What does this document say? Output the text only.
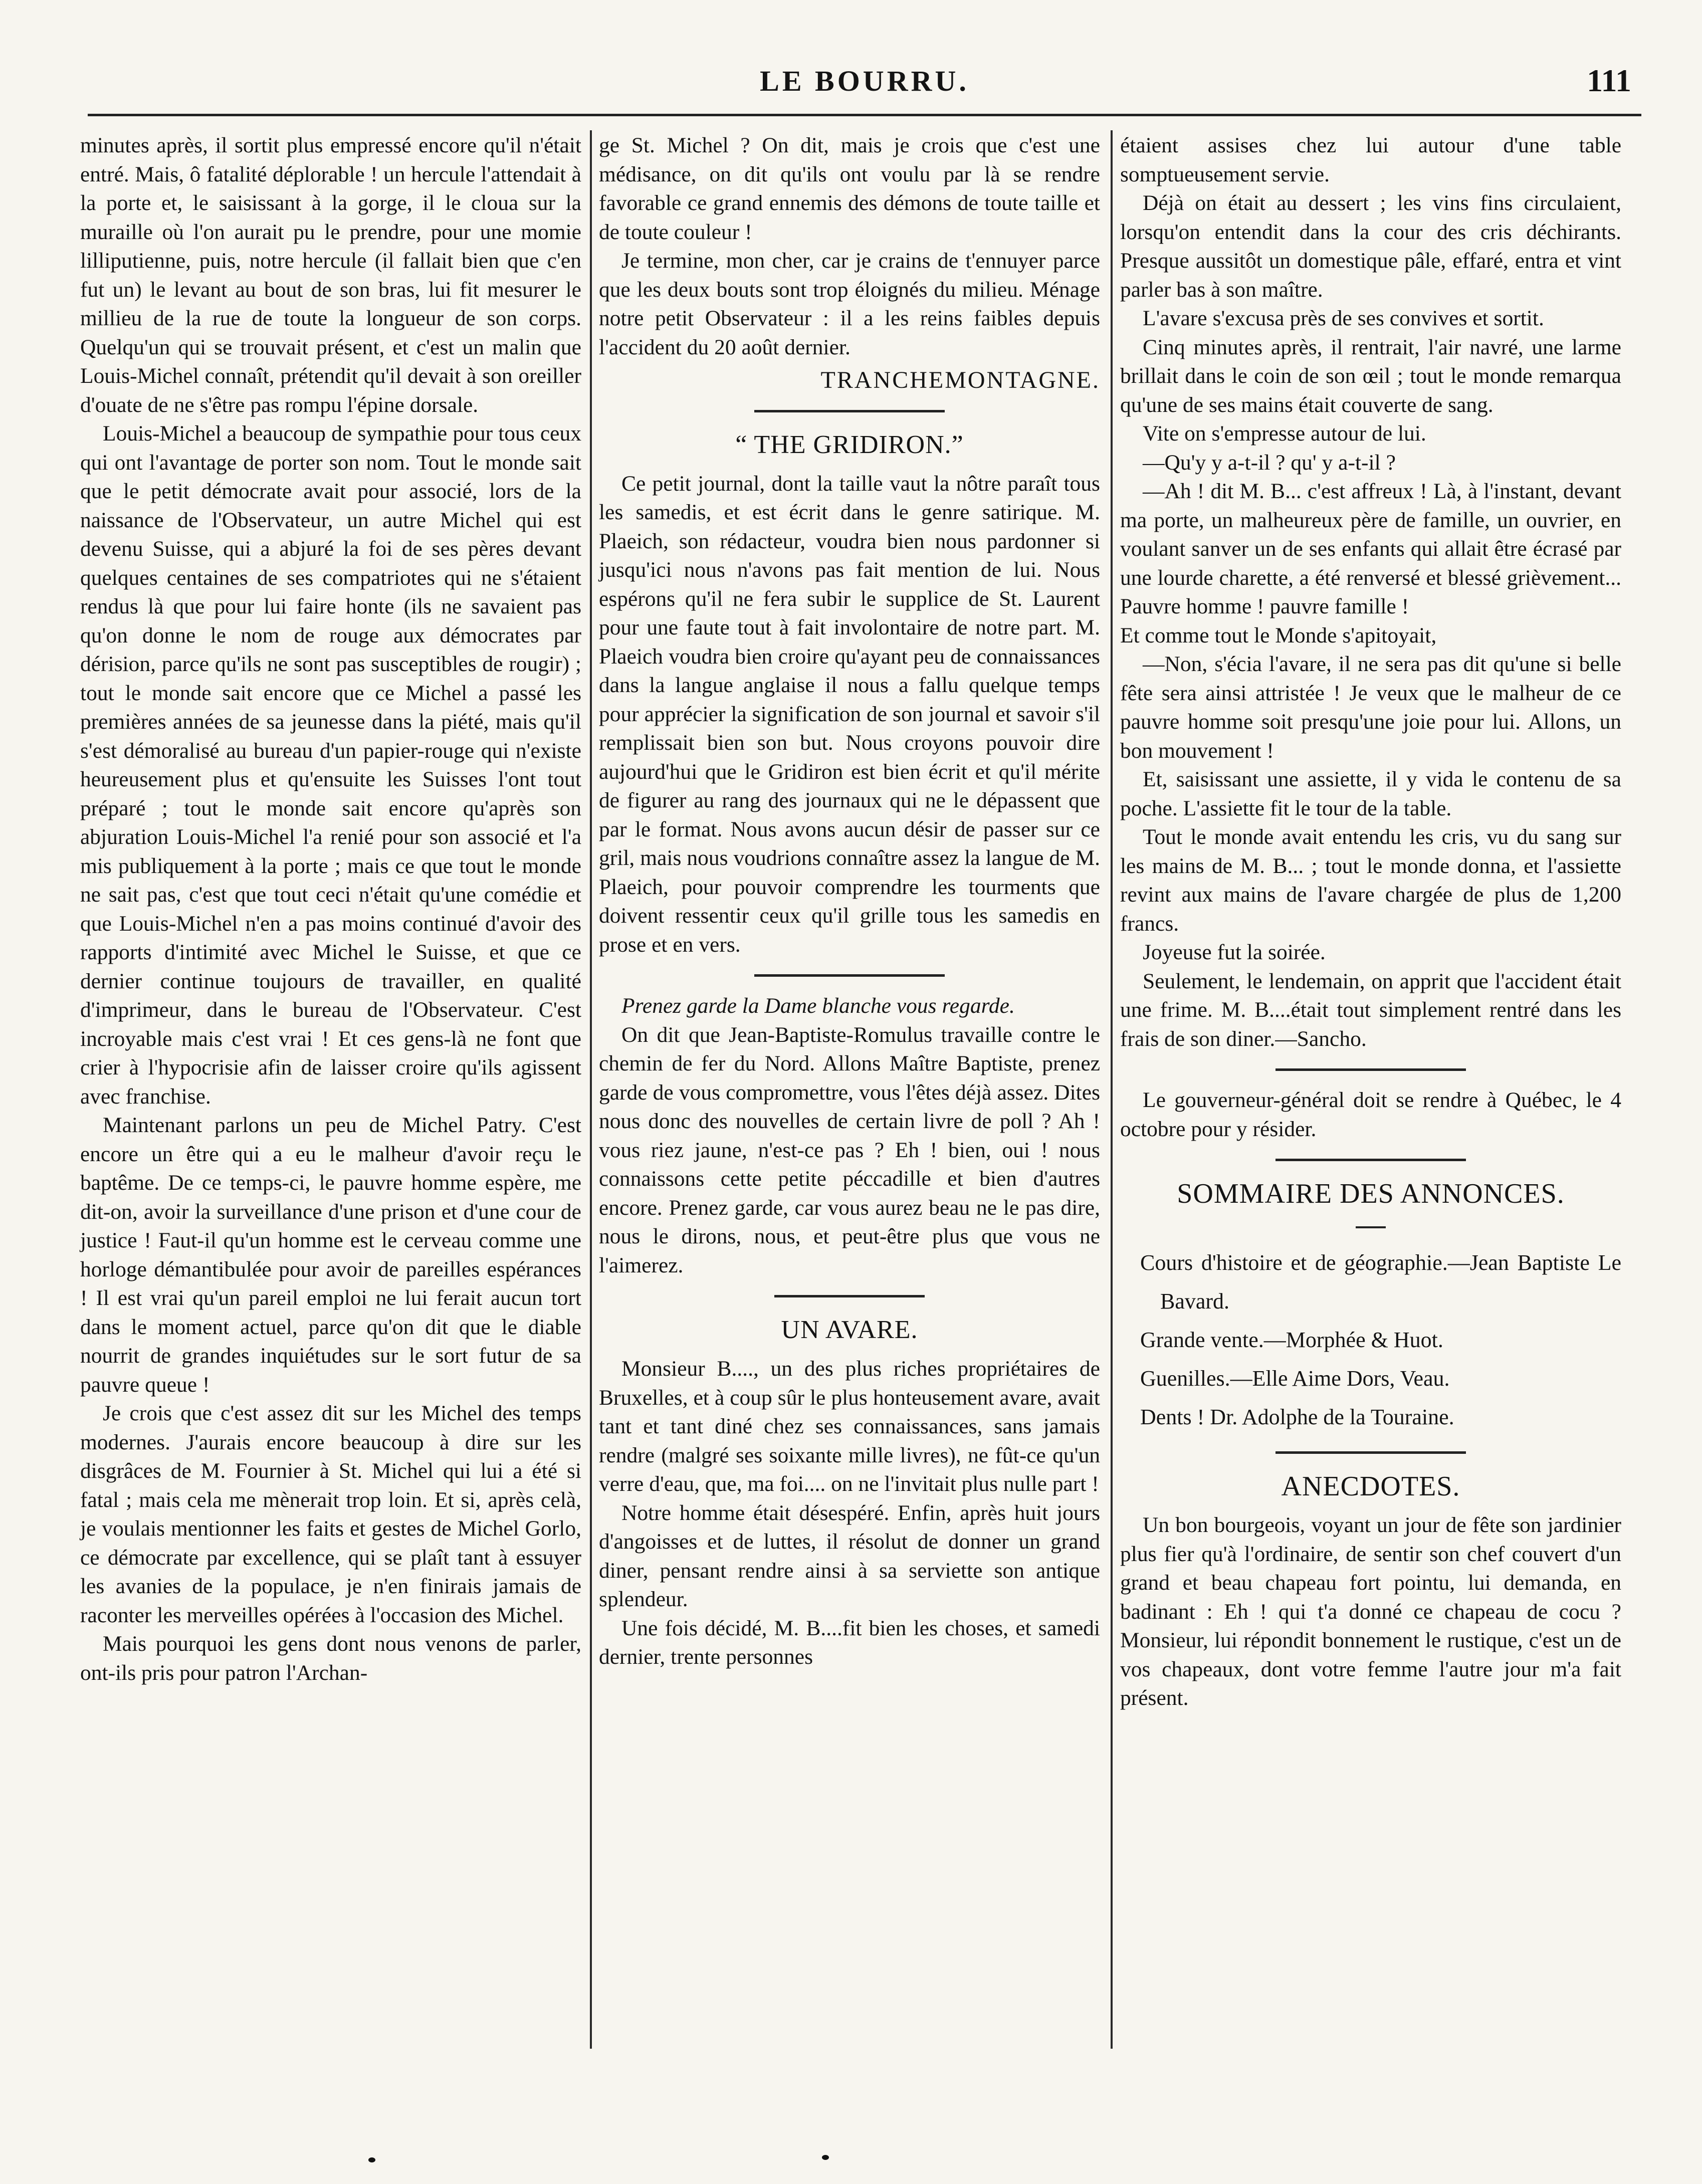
LE BOURRU.	111

minutes après, il sortit plus empressé encore qu'il n'était entré. Mais, ô fatalité déplorable ! un hercule l'attendait à la porte et, le saisissant à la gorge, il le cloua sur la muraille où l'on aurait pu le prendre, pour une momie lilliputienne, puis, notre hercule (il fallait bien que c'en fut un) le levant au bout de son bras, lui fit mesurer le millieu de la rue de toute la longueur de son corps. Quelqu'un qui se trouvait présent, et c'est un malin que Louis-Michel connaît, prétendit qu'il devait à son oreiller d'ouate de ne s'être pas rompu l'épine dorsale.

Louis-Michel a beaucoup de sympathie pour tous ceux qui ont l'avantage de porter son nom. Tout le monde sait que le petit démocrate avait pour associé, lors de la naissance de l'Observateur, un autre Michel qui est devenu Suisse, qui a abjuré la foi de ses pères devant quelques centaines de ses compatriotes qui ne s'étaient rendus là que pour lui faire honte (ils ne savaient pas qu'on donne le nom de rouge aux démocrates par dérision, parce qu'ils ne sont pas susceptibles de rougir) ; tout le monde sait encore que ce Michel a passé les premières années de sa jeunesse dans la piété, mais qu'il s'est démoralisé au bureau d'un papier-rouge qui n'existe heureusement plus et qu'ensuite les Suisses l'ont tout préparé ; tout le monde sait encore qu'après son abjuration Louis-Michel l'a renié pour son associé et l'a mis publiquement à la porte ; mais ce que tout le monde ne sait pas, c'est que tout ceci n'était qu'une comédie et que Louis-Michel n'en a pas moins continué d'avoir des rapports d'intimité avec Michel le Suisse, et que ce dernier continue toujours de travailler, en qualité d'imprimeur, dans le bureau de l'Observateur. C'est incroyable mais c'est vrai ! Et ces gens-là ne font que crier à l'hypocrisie afin de laisser croire qu'ils agissent avec franchise.

Maintenant parlons un peu de Michel Patry. C'est encore un être qui a eu le malheur d'avoir reçu le baptême. De ce temps-ci, le pauvre homme espère, me dit-on, avoir la surveillance d'une prison et d'une cour de justice ! Faut-il qu'un homme est le cerveau comme une horloge démantibulée pour avoir de pareilles espérances ! Il est vrai qu'un pareil emploi ne lui ferait aucun tort dans le moment actuel, parce qu'on dit que le diable nourrit de grandes inquiétudes sur le sort futur de sa pauvre queue !

Je crois que c'est assez dit sur les Michel des temps modernes. J'aurais encore beaucoup à dire sur les disgrâces de M. Fournier à St. Michel qui lui a été si fatal ; mais cela me mènerait trop loin. Et si, après celà, je voulais mentionner les faits et gestes de Michel Gorlo, ce démocrate par excellence, qui se plaît tant à essuyer les avanies de la populace, je n'en finirais jamais de raconter les merveilles opérées à l'occasion des Michel.

Mais pourquoi les gens dont nous venons de parler, ont-ils pris pour patron l'Archan-

ge St. Michel ? On dit, mais je crois que c'est une médisance, on dit qu'ils ont voulu par là se rendre favorable ce grand ennemis des démons de toute taille et de toute couleur !

Je termine, mon cher, car je crains de t'ennuyer parce que les deux bouts sont trop éloignés du milieu. Ménage notre petit Observateur : il a les reins faibles depuis l'accident du 20 août dernier.

TRANCHEMONTAGNE.
“ THE GRIDIRON.”

Ce petit journal, dont la taille vaut la nôtre paraît tous les samedis, et est écrit dans le genre satirique. M. Plaeich, son rédacteur, voudra bien nous pardonner si jusqu'ici nous n'avons pas fait mention de lui. Nous espérons qu'il ne fera subir le supplice de St. Laurent pour une faute tout à fait involontaire de notre part. M. Plaeich voudra bien croire qu'ayant peu de connaissances dans la langue anglaise il nous a fallu quelque temps pour apprécier la signification de son journal et savoir s'il remplissait bien son but. Nous croyons pouvoir dire aujourd'hui que le Gridiron est bien écrit et qu'il mérite de figurer au rang des journaux qui ne le dépassent que par le format. Nous avons aucun désir de passer sur ce gril, mais nous voudrions connaître assez la langue de M. Plaeich, pour pouvoir comprendre les tourments que doivent ressentir ceux qu'il grille tous les samedis en prose et en vers.

Prenez garde la Dame blanche vous regarde.

On dit que Jean-Baptiste-Romulus travaille contre le chemin de fer du Nord. Allons Maître Baptiste, prenez garde de vous compromettre, vous l'êtes déjà assez. Dites nous donc des nouvelles de certain livre de poll ? Ah ! vous riez jaune, n'est-ce pas ? Eh ! bien, oui ! nous connaissons cette petite péccadille et bien d'autres encore. Prenez garde, car vous aurez beau ne le pas dire, nous le dirons, nous, et peut-être plus que vous ne l'aimerez.

UN AVARE.

Monsieur B...., un des plus riches propriétaires de Bruxelles, et à coup sûr le plus honteusement avare, avait tant et tant diné chez ses connaissances, sans jamais rendre (malgré ses soixante mille livres), ne fût-ce qu'un verre d'eau, que, ma foi.... on ne l'invitait plus nulle part !

Notre homme était désespéré. Enfin, après huit jours d'angoisses et de luttes, il résolut de donner un grand diner, pensant rendre ainsi à sa serviette son antique splendeur.

Une fois décidé, M. B....fit bien les choses, et samedi dernier, trente personnes

étaient assises chez lui autour d'une table somptueusement servie.

Déjà on était au dessert ; les vins fins circulaient, lorsqu'on entendit dans la cour des cris déchirants. Presque aussitôt un domestique pâle, effaré, entra et vint parler bas à son maître.

L'avare s'excusa près de ses convives et sortit.

Cinq minutes après, il rentrait, l'air navré, une larme brillait dans le coin de son œil ; tout le monde remarqua qu'une de ses mains était couverte de sang.

Vite on s'empresse autour de lui.

—Qu'y y a-t-il ? qu' y a-t-il ?

—Ah ! dit M. B... c'est affreux ! Là, à l'instant, devant ma porte, un malheureux père de famille, un ouvrier, en voulant sanver un de ses enfants qui allait être écrasé par une lourde charette, a été renversé et blessé grièvement... Pauvre homme ! pauvre famille !

Et comme tout le Monde s'apitoyait,

—Non, s'écia l'avare, il ne sera pas dit qu'une si belle fête sera ainsi attristée ! Je veux que le malheur de ce pauvre homme soit presqu'une joie pour lui. Allons, un bon mouvement !

Et, saisissant une assiette, il y vida le contenu de sa poche. L'assiette fit le tour de la table.

Tout le monde avait entendu les cris, vu du sang sur les mains de M. B... ; tout le monde donna, et l'assiette revint aux mains de l'avare chargée de plus de 1,200 francs.

Joyeuse fut la soirée.

Seulement, le lendemain, on apprit que l'accident était une frime. M. B....était tout simplement rentré dans les frais de son diner.—Sancho.

Le gouverneur-général doit se rendre à Québec, le 4 octobre pour y résider.

SOMMAIRE DES ANNONCES.
Cours d'histoire et de géographie.—Jean Baptiste Le Bavard.
Grande vente.—Morphée & Huot.
Guenilles.—Elle Aime Dors, Veau.
Dents ! Dr. Adolphe de la Touraine.
ANECDOTES.

Un bon bourgeois, voyant un jour de fête son jardinier plus fier qu'à l'ordinaire, de sentir son chef couvert d'un grand et beau chapeau fort pointu, lui demanda, en badinant : Eh ! qui t'a donné ce chapeau de cocu ? Monsieur, lui répondit bonnement le rustique, c'est un de vos chapeaux, dont votre femme l'autre jour m'a fait présent.
